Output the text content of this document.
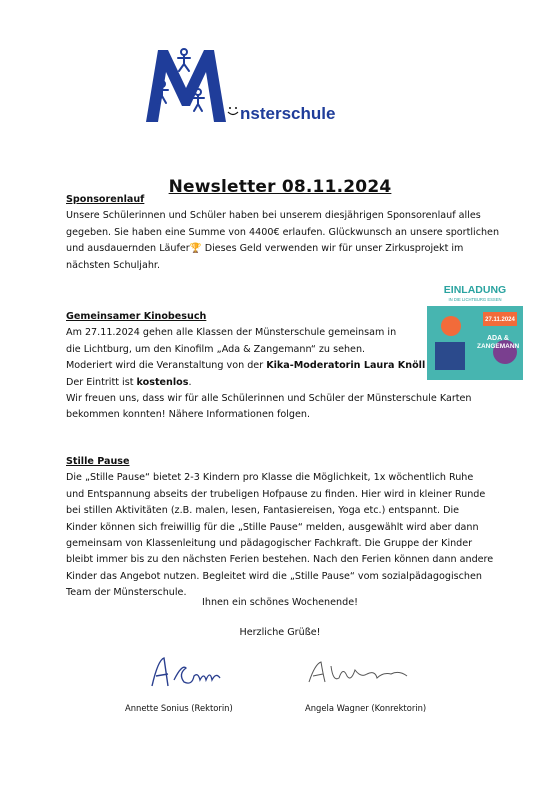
nsterschule
Newsletter 08.11.2024
Sponsorenlauf
Unsere Schülerinnen und Schüler haben bei unserem diesjährigen Sponsorenlauf alles
gegeben. Sie haben eine Summe von 4400€ erlaufen. Glückwunsch an unsere sportlichen
und ausdauernden Läufer🏆 Dieses Geld verwenden wir für unser Zirkusprojekt im
nächsten Schuljahr.
Gemeinsamer Kinobesuch
Am 27.11.2024 gehen alle Klassen der Münsterschule gemeinsam in
die Lichtburg, um den Kinofilm „Ada & Zangemann“ zu sehen.
Moderiert wird die Veranstaltung von der Kika-Moderatorin Laura Knöll
Der Eintritt ist kostenlos.
Wir freuen uns, dass wir für alle Schülerinnen und Schüler der Münsterschule Karten
bekommen konnten! Nähere Informationen folgen.
EINLADUNG
IN DIE LICHTBURG ESSEN
27.11.2024
ADA &
ZANGEMANN
Stille Pause
Die „Stille Pause“ bietet 2-3 Kindern pro Klasse die Möglichkeit, 1x wöchentlich Ruhe
und Entspannung abseits der trubeligen Hofpause zu finden. Hier wird in kleiner Runde
bei stillen Aktivitäten (z.B. malen, lesen, Fantasiereisen, Yoga etc.) entspannt. Die
Kinder können sich freiwillig für die „Stille Pause“ melden, ausgewählt wird aber dann
gemeinsam von Klassenleitung und pädagogischer Fachkraft. Die Gruppe der Kinder
bleibt immer bis zu den nächsten Ferien bestehen. Nach den Ferien können dann andere
Kinder das Angebot nutzen. Begleitet wird die „Stille Pause“ vom sozialpädagogischen
Team der Münsterschule.
Ihnen ein schönes Wochenende!
Herzliche Grüße!
Annette Sonius (Rektorin)	Angela Wagner (Konrektorin)
